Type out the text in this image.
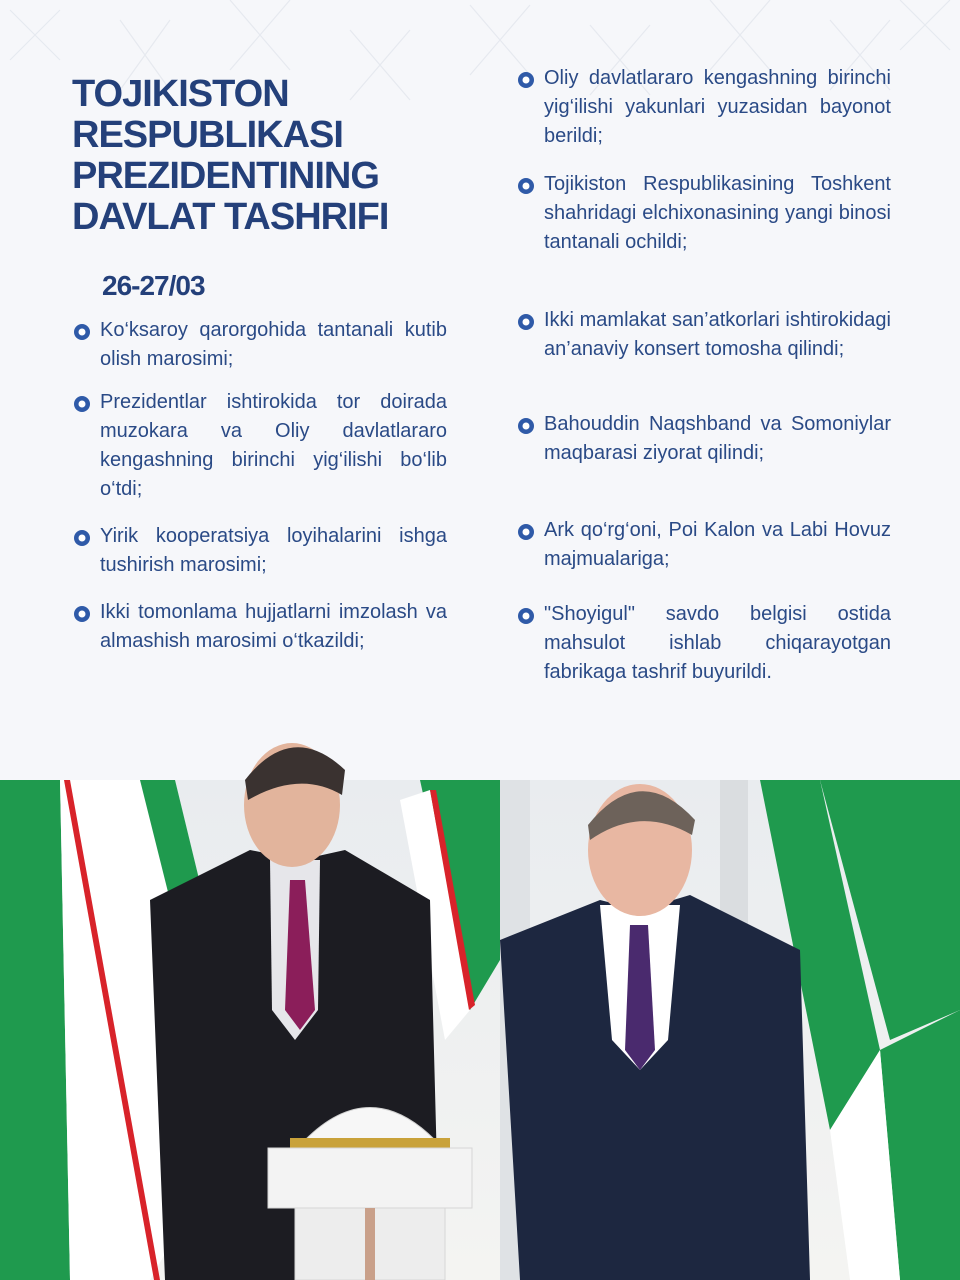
TOJIKISTON
RESPUBLIKASI
PREZIDENTINING
DAVLAT TASHRIFI
26-27/03
Ko‘ksaroy qarorgohida tantanali kutib olish marosimi;
Prezidentlar ishtirokida tor doirada muzokara va Oliy davlatlararo kengashning birinchi yig‘ilishi bo‘lib o‘tdi;
Yirik kooperatsiya loyihalarini ishga tushirish marosimi;
Ikki tomonlama hujjatlarni imzolash va almashish marosimi o‘tkazildi;
Oliy davlatlararo kengashning birinchi yig‘ilishi yakunlari yuzasidan bayonot berildi;
Tojikiston Respublikasining Toshkent shahridagi elchixonasining yangi binosi tantanali ochildi;
Ikki mamlakat san’atkorlari ishtirokidagi an’anaviy konsert tomosha qilindi;
Bahouddin Naqshband va Somoniylar maqbarasi ziyorat qilindi;
Ark qo‘rg‘oni, Poi Kalon va Labi Hovuz majmualariga;
"Shoyigul" savdo belgisi ostida mahsulot ishlab chiqarayotgan fabrikaga tashrif buyurildi.
